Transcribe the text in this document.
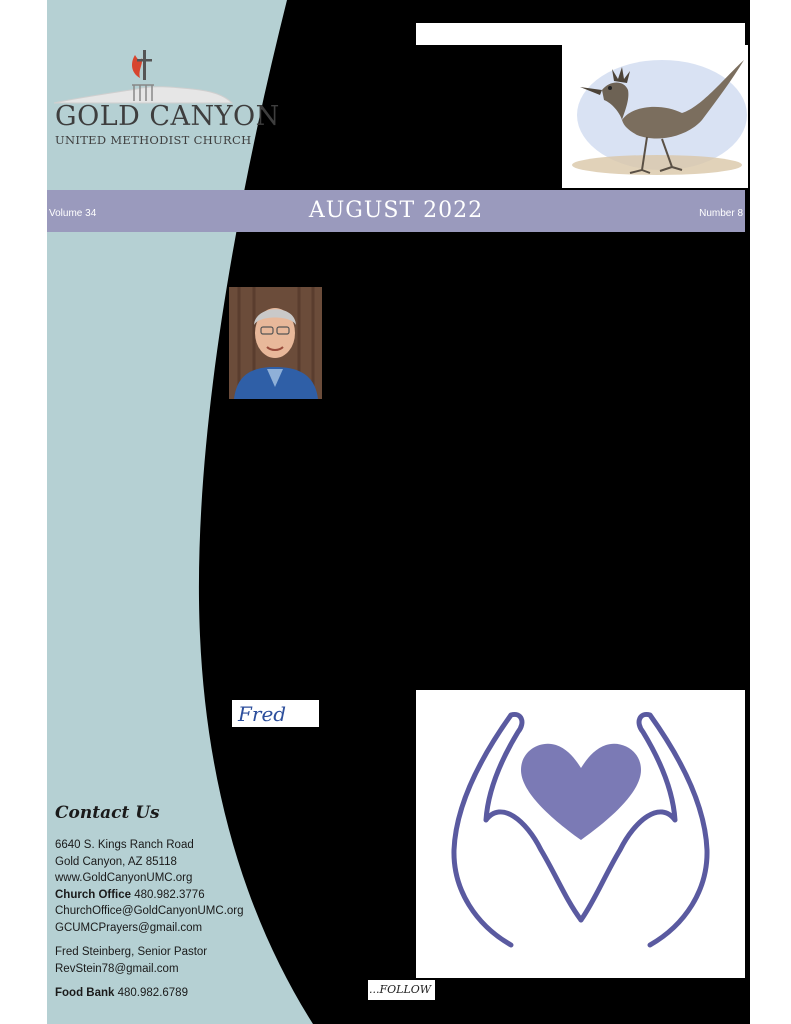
GOLD CANYON
UNITED METHODIST CHURCH
Volume 34	AUGUST 2022	Number 8
Fred
Contact Us
6640 S. Kings Ranch Road
Gold Canyon, AZ 85118
www.GoldCanyonUMC.org
Church Office 480.982.3776
ChurchOffice@GoldCanyonUMC.org
GCUMCPrayers@gmail.com
Fred Steinberg, Senior Pastor
RevStein78@gmail.com
Food Bank 480.982.6789	...FOLLOW
